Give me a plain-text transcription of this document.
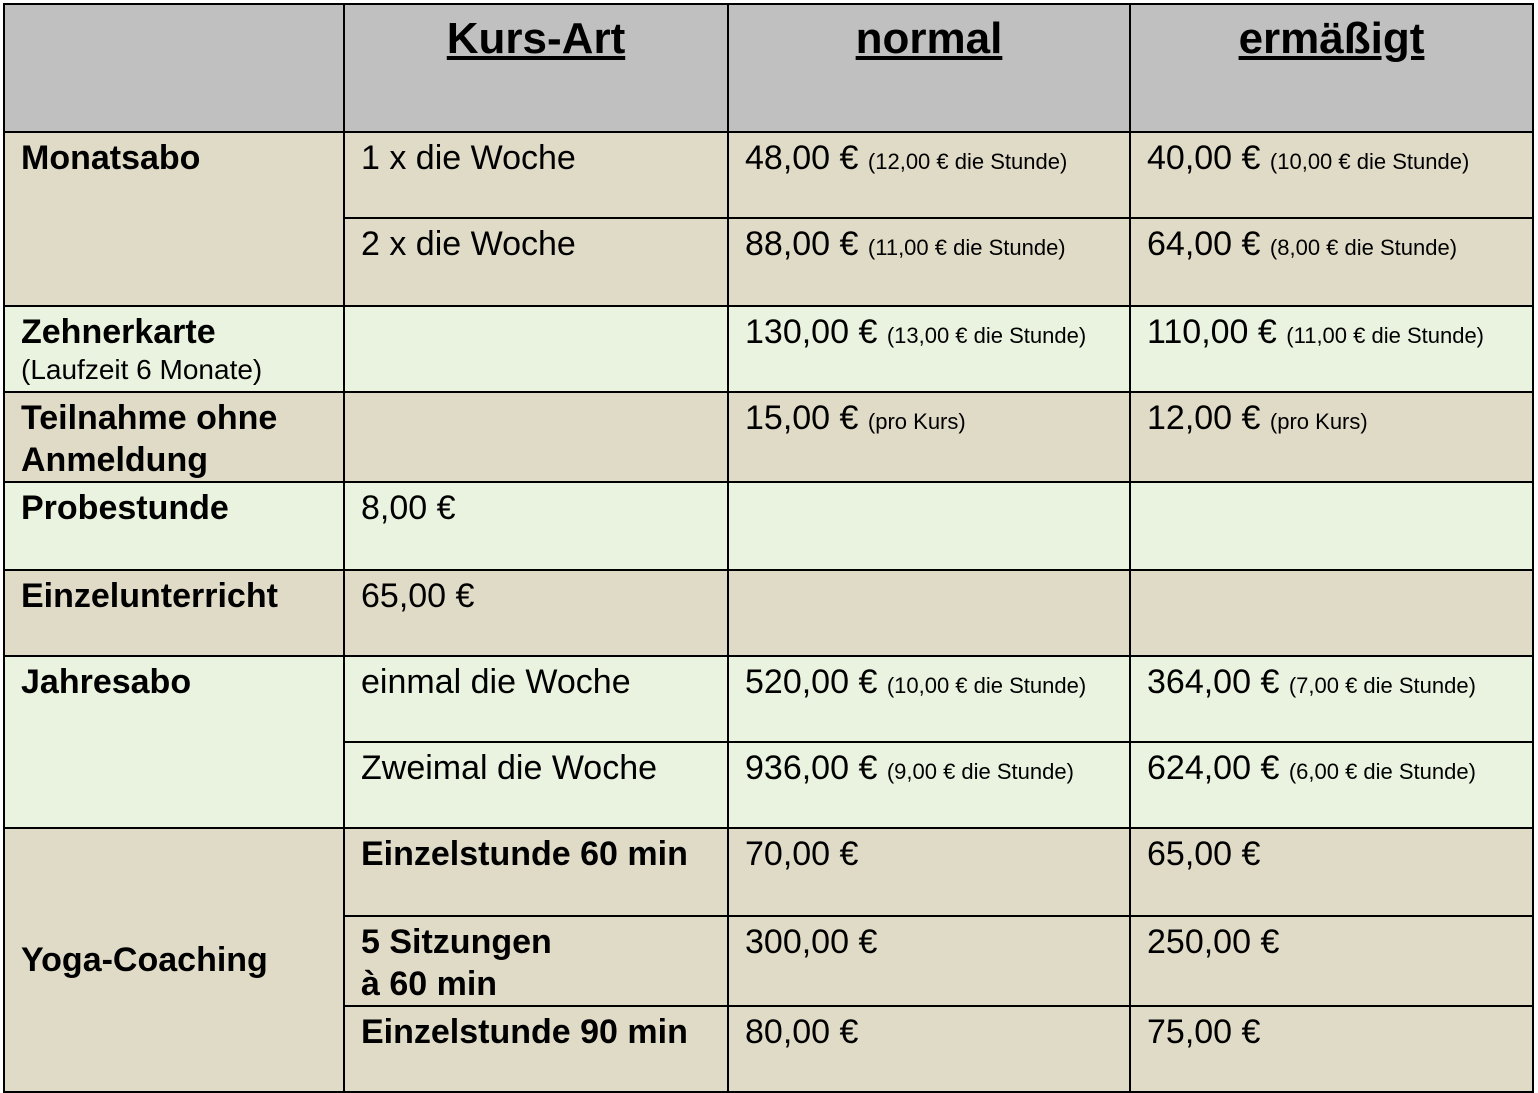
	Kurs-Art	normal	ermäßigt
Monatsabo	1 x die Woche	48,00 € (12,00 € die Stunde)	40,00 € (10,00 € die Stunde)
	2 x die Woche	88,00 € (11,00 € die Stunde)	64,00 € (8,00 € die Stunde)
Zehnerkarte
(Laufzeit 6 Monate)		130,00 € (13,00 € die Stunde)	110,00 € (11,00 € die Stunde)
Teilnahme ohne Anmeldung		15,00 € (pro Kurs)	12,00 € (pro Kurs)
Probestunde	8,00 €		
Einzelunterricht	65,00 €		
Jahresabo	einmal die Woche	520,00 € (10,00 € die Stunde)	364,00 € (7,00 € die Stunde)
	Zweimal die Woche	936,00 € (9,00 € die Stunde)	624,00 € (6,00 € die Stunde)
Yoga-Coaching	Einzelstunde 60 min	70,00 €	65,00 €
	5 Sitzungen
à 60 min	300,00 €	250,00 €
	Einzelstunde 90 min	80,00 €	75,00 €
